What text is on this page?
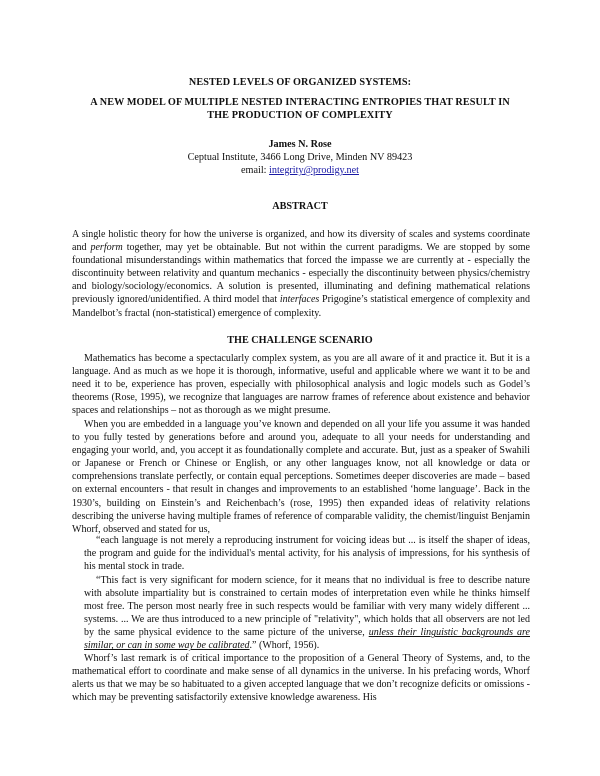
NESTED LEVELS OF ORGANIZED SYSTEMS:

A NEW MODEL OF MULTIPLE NESTED INTERACTING ENTROPIES THAT RESULT IN
THE PRODUCTION OF COMPLEXITY

James N. Rose
Ceptual Institute, 3466 Long Drive, Minden NV 89423
email: integrity@prodigy.net

ABSTRACT

A single holistic theory for how the universe is organized, and how its diversity of scales and systems coordinate and perform together, may yet be obtainable. But not within the current paradigms. We are stopped by some foundational misunderstandings within mathematics that forced the impasse we are currently at - especially the discontinuity between relativity and quantum mechanics - especially the discontinuity between physics/chemistry and biology/sociology/economics. A solution is presented, illuminating and defining mathematical relations previously ignored/unidentified. A third model that interfaces Prigogine’s statistical emergence of complexity and Mandelbot’s fractal (non-statistical) emergence of complexity.

THE CHALLENGE SCENARIO

Mathematics has become a spectacularly complex system, as you are all aware of it and practice it. But it is a language. And as much as we hope it is thorough, informative, useful and applicable where we want it to be and need it to be, experience has proven, especially with philosophical analysis and logic models such as Godel’s theorems (Rose, 1995), we recognize that languages are narrow frames of reference about existence and behavior spaces and relationships – not as thorough as we might presume.

When you are embedded in a language you’ve known and depended on all your life you assume it was handed to you fully tested by generations before and around you, adequate to all your needs for understanding and engaging your world, and, you accept it as foundationally complete and accurate. But, just as a speaker of Swahili or Japanese or French or Chinese or English, or any other languages know, not all knowledge or data or comprehensions translate perfectly, or contain equal perceptions. Sometimes deeper discoveries are made – based on external encounters - that result in changes and improvements to an established ‘home language’. Back in the 1930’s, building on Einstein’s and Reichenbach’s (rose, 1995) then expanded ideas of relativity relations describing the universe having multiple frames of reference of comparable validity, the chemist/linguist Benjamin Whorf, observed and stated for us,

“each language is not merely a reproducing instrument for voicing ideas but ... is itself the shaper of ideas, the program and guide for the individual's mental activity, for his analysis of impressions, for his synthesis of his mental stock in trade.

“This fact is very significant for modern science, for it means that no individual is free to describe nature with absolute impartiality but is constrained to certain modes of interpretation even while he thinks himself most free. The person most nearly free in such respects would be familiar with very many widely different ... systems. ... We are thus introduced to a new principle of "relativity", which holds that all observers are not led by the same physical evidence to the same picture of the universe, unless their linguistic backgrounds are similar, or can in some way be calibrated.” (Whorf, 1956).

Whorf’s last remark is of critical importance to the proposition of a General Theory of Systems, and, to the mathematical effort to coordinate and make sense of all dynamics in the universe. In his prefacing words, Whorf alerts us that we may be so habituated to a given accepted language that we don’t recognize deficits or omissions - which may be preventing satisfactorily extensive knowledge awareness. His
